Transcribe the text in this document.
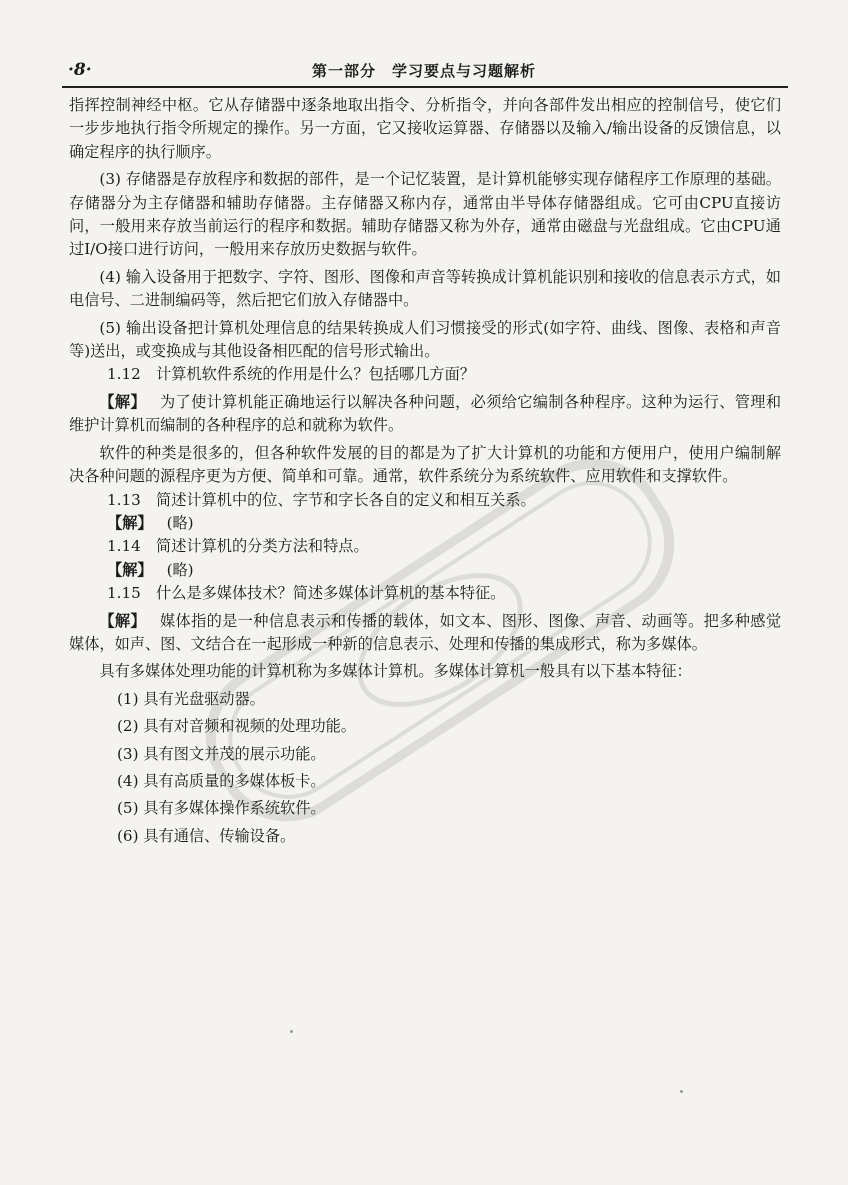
·8·	第一部分　学习要点与习题解析

指挥控制神经中枢。它从存储器中逐条地取出指令、分析指令，并向各部件发出相应的控制信号，使它们一步步地执行指令所规定的操作。另一方面，它又接收运算器、存储器以及输入/输出设备的反馈信息，以确定程序的执行顺序。

(3) 存储器是存放程序和数据的部件，是一个记忆装置，是计算机能够实现存储程序工作原理的基础。存储器分为主存储器和辅助存储器。主存储器又称内存，通常由半导体存储器组成。它可由CPU直接访问，一般用来存放当前运行的程序和数据。辅助存储器又称为外存，通常由磁盘与光盘组成。它由CPU通过I/O接口进行访问，一般用来存放历史数据与软件。

(4) 输入设备用于把数字、字符、图形、图像和声音等转换成计算机能识别和接收的信息表示方式，如电信号、二进制编码等，然后把它们放入存储器中。

(5) 输出设备把计算机处理信息的结果转换成人们习惯接受的形式(如字符、曲线、图像、表格和声音等)送出，或变换成与其他设备相匹配的信号形式输出。

1.12　计算机软件系统的作用是什么？包括哪几方面？

【解】 为了使计算机能正确地运行以解决各种问题，必须给它编制各种程序。这种为运行、管理和维护计算机而编制的各种程序的总和就称为软件。

软件的种类是很多的，但各种软件发展的目的都是为了扩大计算机的功能和方便用户，使用户编制解决各种问题的源程序更为方便、简单和可靠。通常，软件系统分为系统软件、应用软件和支撑软件。

1.13　简述计算机中的位、字节和字长各自的定义和相互关系。

【解】 (略)

1.14　简述计算机的分类方法和特点。

【解】 (略)

1.15　什么是多媒体技术？简述多媒体计算机的基本特征。

【解】 媒体指的是一种信息表示和传播的载体，如文本、图形、图像、声音、动画等。把多种感觉媒体，如声、图、文结合在一起形成一种新的信息表示、处理和传播的集成形式，称为多媒体。

具有多媒体处理功能的计算机称为多媒体计算机。多媒体计算机一般具有以下基本特征：

(1) 具有光盘驱动器。
(2) 具有对音频和视频的处理功能。
(3) 具有图文并茂的展示功能。
(4) 具有高质量的多媒体板卡。
(5) 具有多媒体操作系统软件。
(6) 具有通信、传输设备。
